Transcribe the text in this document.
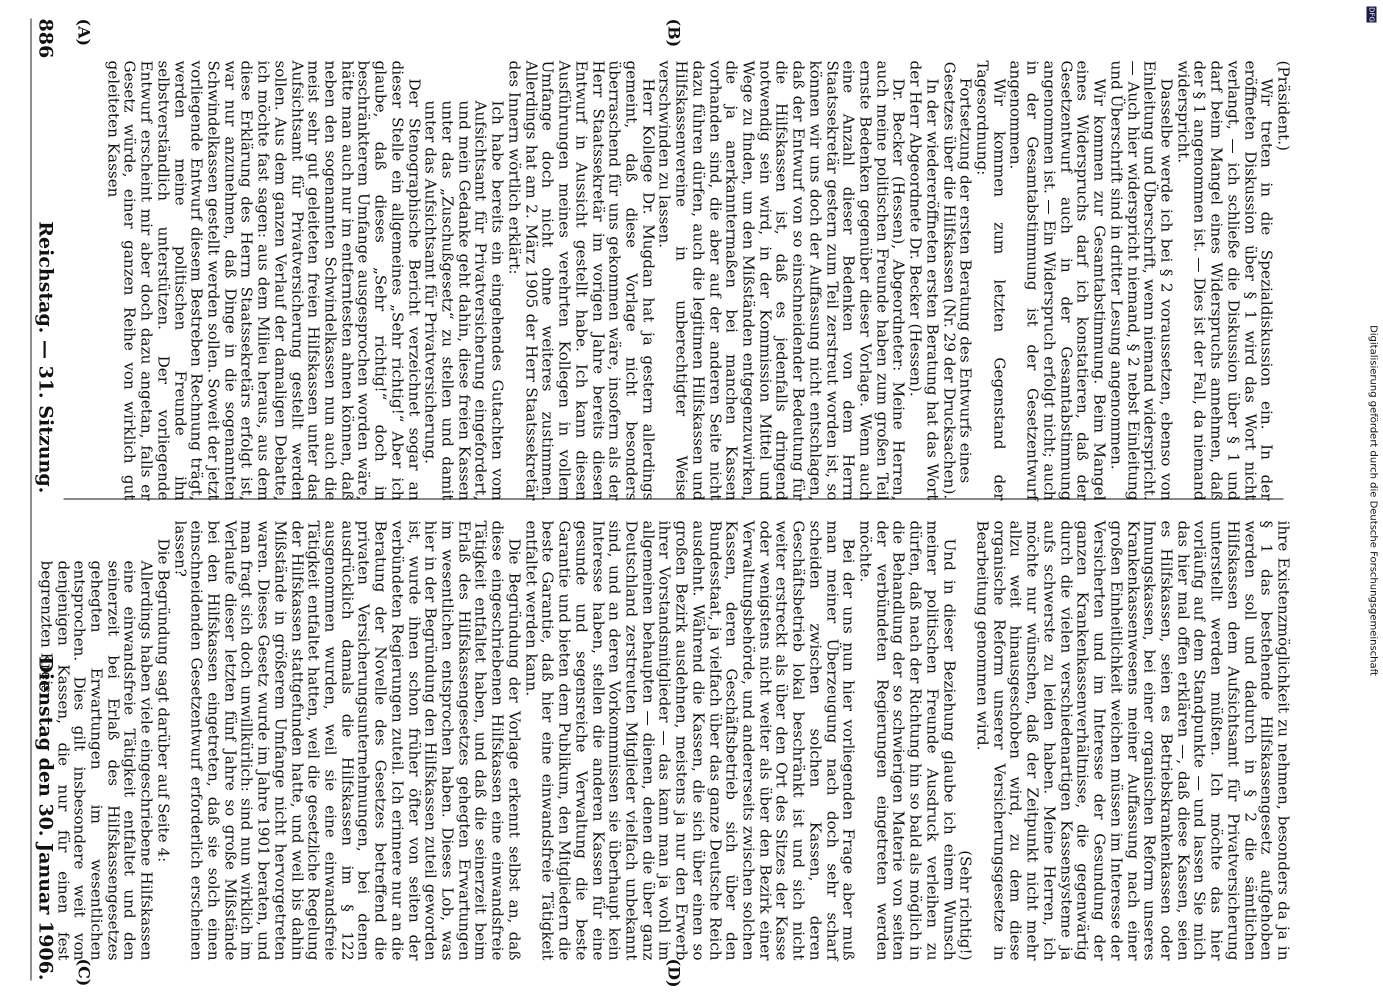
886
Reichstag. — 31. Sitzung.
Dienstag den 30. Januar 1906.

(Präsident.)

Wir treten in die Spezialdiskussion ein. In der eröffneten Diskussion über § 1 wird das Wort nicht verlangt, — ich schließe die Diskussion über § 1 und darf beim Mangel eines Widerspruchs annehmen, daß der § 1 angenommen ist. — Dies ist der Fall, da niemand widerspricht.

Dasselbe werde ich bei § 2 voraussetzen, ebenso von Einleitung und Überschrift, wenn niemand widerspricht. — Auch hier widerspricht niemand, § 2 nebst Einleitung und Überschrift sind in dritter Lesung angenommen.

Wir kommen zur Gesamtabstimmung. Beim Mangel eines Widerspruchs darf ich konstatieren, daß der Gesetzentwurf auch in der Gesamtabstimmung angenommen ist. — Ein Widerspruch erfolgt nicht; auch in der Gesamtabstimmung ist der Gesetzentwurf angenommen.

Wir kommen zum letzten Gegenstand der Tagesordnung:

Fortsetzung der ersten Beratung des Entwurfs eines Gesetzes über die Hilfskassen (Nr. 29 der Drucksachen).

In der wiedereröffneten ersten Beratung hat das Wort der Herr Abgeordnete Dr. Becker (Hessen).

Dr. Becker (Hessen), Abgeordneter: Meine Herren, auch meine politischen Freunde haben zum großen Teil ernste Bedenken gegenüber dieser Vorlage. Wenn auch eine Anzahl dieser Bedenken von dem Herrn Staatssekretär gestern zum Teil zerstreut worden ist, so können wir uns doch der Auffassung nicht entschlagen, daß der Entwurf von so einschneidender Bedeutung für die Hilfskassen ist, daß es jedenfalls dringend notwendig sein wird, in der Kommission Mittel und Wege zu finden, um den Mißständen entgegenzuwirken, die ja anerkanntermaßen bei manchen Kassen vorhanden sind, die aber auf der anderen Seite nicht dazu führen dürfen, auch die legitimen Hilfskassen und Hilfskassenvereine in unberechtigter Weise verschwinden zu lassen.

Herr Kollege Dr. Mugdan hat ja gestern allerdings gemeint, daß diese Vorlage nicht besonders überraschend für uns gekommen wäre, insofern als der Herr Staatssekretär im vorigen Jahre bereits diesen Entwurf in Aussicht gestellt habe. Ich kann diesen Ausführungen meines verehrten Kollegen in vollem Umfange doch nicht ohne weiteres zustimmen. Allerdings hat am 2. März 1905 der Herr Staatssekretär des Innern wörtlich erklärt:

Ich habe bereits ein eingehendes Gutachten vom Aufsichtsamt für Privatversicherung eingefordert, und mein Gedanke geht dahin, diese freien Kassen unter das „Zuschußgesetz“ zu stellen und damit unter das Aufsichtsamt für Privatversicherung.

Der Stenographische Bericht verzeichnet sogar an dieser Stelle ein allgemeines „Sehr richtig!“ Aber ich glaube, daß dieses „Sehr richtig!“ doch in beschränkterem Umfange ausgesprochen worden wäre, hätte man auch nur im entferntesten ahnen können, daß neben den sogenannten Schwindelkassen nun auch die meist sehr gut geleiteten freien Hilfskassen unter das Aufsichtsamt für Privatversicherung gestellt werden sollen. Aus dem ganzen Verlauf der damaligen Debatte, ich möchte fast sagen: aus dem Milieu heraus, aus dem diese Erklärung des Herrn Staatssekretärs erfolgt ist, war nur anzunehmen, daß Dinge in die sogenannten Schwindelkassen gestellt werden sollen. Soweit der jetzt vorliegende Entwurf diesem Bestreben Rechnung trägt, werden meine politischen Freunde ihn selbstverständlich unterstützen. Der vorliegende Entwurf erscheint mir aber doch dazu angetan, falls er Gesetz würde, einer ganzen Reihe von wirklich gut geleiteten Kassen

ihre Existenzmöglichkeit zu nehmen, besonders da ja in § 1 das bestehende Hilfskassengesetz aufgehoben werden soll und dadurch in § 2 die sämtlichen Hilfskassen dem Aufsichtsamt für Privatversicherung unterstellt werden müßten. Ich möchte das hier vorläufig auf dem Standpunkte — und lassen Sie mich das hier mal offen erklären —, daß diese Kassen, seien es Hilfskassen, seien es Betriebskrankenkassen oder Innungskassen, bei einer organischen Reform unseres Krankenkassenwesens meiner Auffassung nach einer großen Einheitlichkeit weichen müssen im Interesse der Versicherten und im Interesse der Gesundung der ganzen Krankenkassenverhältnisse, die gegenwärtig durch die vielen verschiedenartigen Kassensysteme ja aufs schwerste zu leiden haben. Meine Herren, ich möchte nur wünschen, daß der Zeitpunkt nicht mehr allzu weit hinausgeschoben wird, zu dem diese organische Reform unserer Versicherungsgesetze in Bearbeitung genommen wird.

(Sehr richtig!)

Und in dieser Beziehung glaube ich einem Wunsch meiner politischen Freunde Ausdruck verleihen zu dürfen, daß nach der Richtung hin so bald als möglich in die Behandlung der so schwierigen Materie von seiten der verbündeten Regierungen eingetreten werden möchte.

Bei der uns nun hier vorliegenden Frage aber muß man meiner Überzeugung nach doch sehr scharf scheiden zwischen solchen Kassen, deren Geschäftsbetrieb lokal beschränkt ist und sich nicht weiter erstreckt als über den Ort des Sitzes der Kasse oder wenigstens nicht weiter als über den Bezirk einer Verwaltungsbehörde, und andererseits zwischen solchen Kassen, deren Geschäftsbetrieb sich über den Bundesstaat, ja vielfach über das ganze Deutsche Reich ausdehnt. Während die Kassen, die sich über einen so großen Bezirk ausdehnen, meistens ja nur den Erwerb ihrer Vorstandsmitglieder — das kann man ja wohl im allgemeinen behaupten — dienen, denen die über ganz Deutschland zerstreuten Mitglieder vielfach unbekannt sind, und an deren Vorkommnissen sie überhaupt kein Interesse haben, stellen die anderen Kassen für eine gesunde und segensreiche Verwaltung die beste Garantie und bieten dem Publikum, den Mitgliedern die beste Garantie, daß hier eine einwandsfreie Tätigkeit entfaltet werden kann.

Die Begründung der Vorlage erkennt selbst an, daß diese eingeschriebenen Hilfskassen eine einwandsfreie Tätigkeit entfaltet haben, und daß die seinerzeit beim Erlaß des Hilfskassengesetzes gehegten Erwartungen im wesentlichen entsprochen haben. Dieses Lob, was hier in der Begründung den Hilfskassen zuteil geworden ist, wurde ihnen schon früher öfter von seiten der verbündeten Regierungen zuteil. Ich erinnere nur an die Beratung der Novelle des Gesetzes betreffend die privaten Versicherungsunternehmungen, bei denen ausdrücklich damals die Hilfskassen im § 122 ausgenommen wurden, weil sie eine einwandsfreie Tätigkeit entfaltet hatten, weil die gesetzliche Regelung der Hilfskassen stattgefunden hatte, und weil bis dahin Mißstände in größerem Umfange nicht hervorgetreten waren. Dieses Gesetz wurde im Jahre 1901 beraten, und man fragt sich doch unwillkürlich: sind nun wirklich im Verlaufe dieser letzten fünf Jahre so große Mißstände bei den Hilfskassen eingetreten, daß sie solch einen einschneidenden Gesetzentwurf erforderlich erscheinen lassen?

Die Begründung sagt darüber auf Seite 4:

Allerdings haben viele eingeschriebene Hilfskassen eine einwandsfreie Tätigkeit entfaltet und den seinerzeit bei Erlaß des Hilfskassengesetzes gehegten Erwartungen im wesentlichen entsprochen. Dies gilt insbesondere weit von denjenigen Kassen, die nur für einen fest begrenzten Kreis

(A)	(B)
(C)	(D)
DFG
Digitalisierung gefördert durch die Deutsche Forschungsgemeinschaft
